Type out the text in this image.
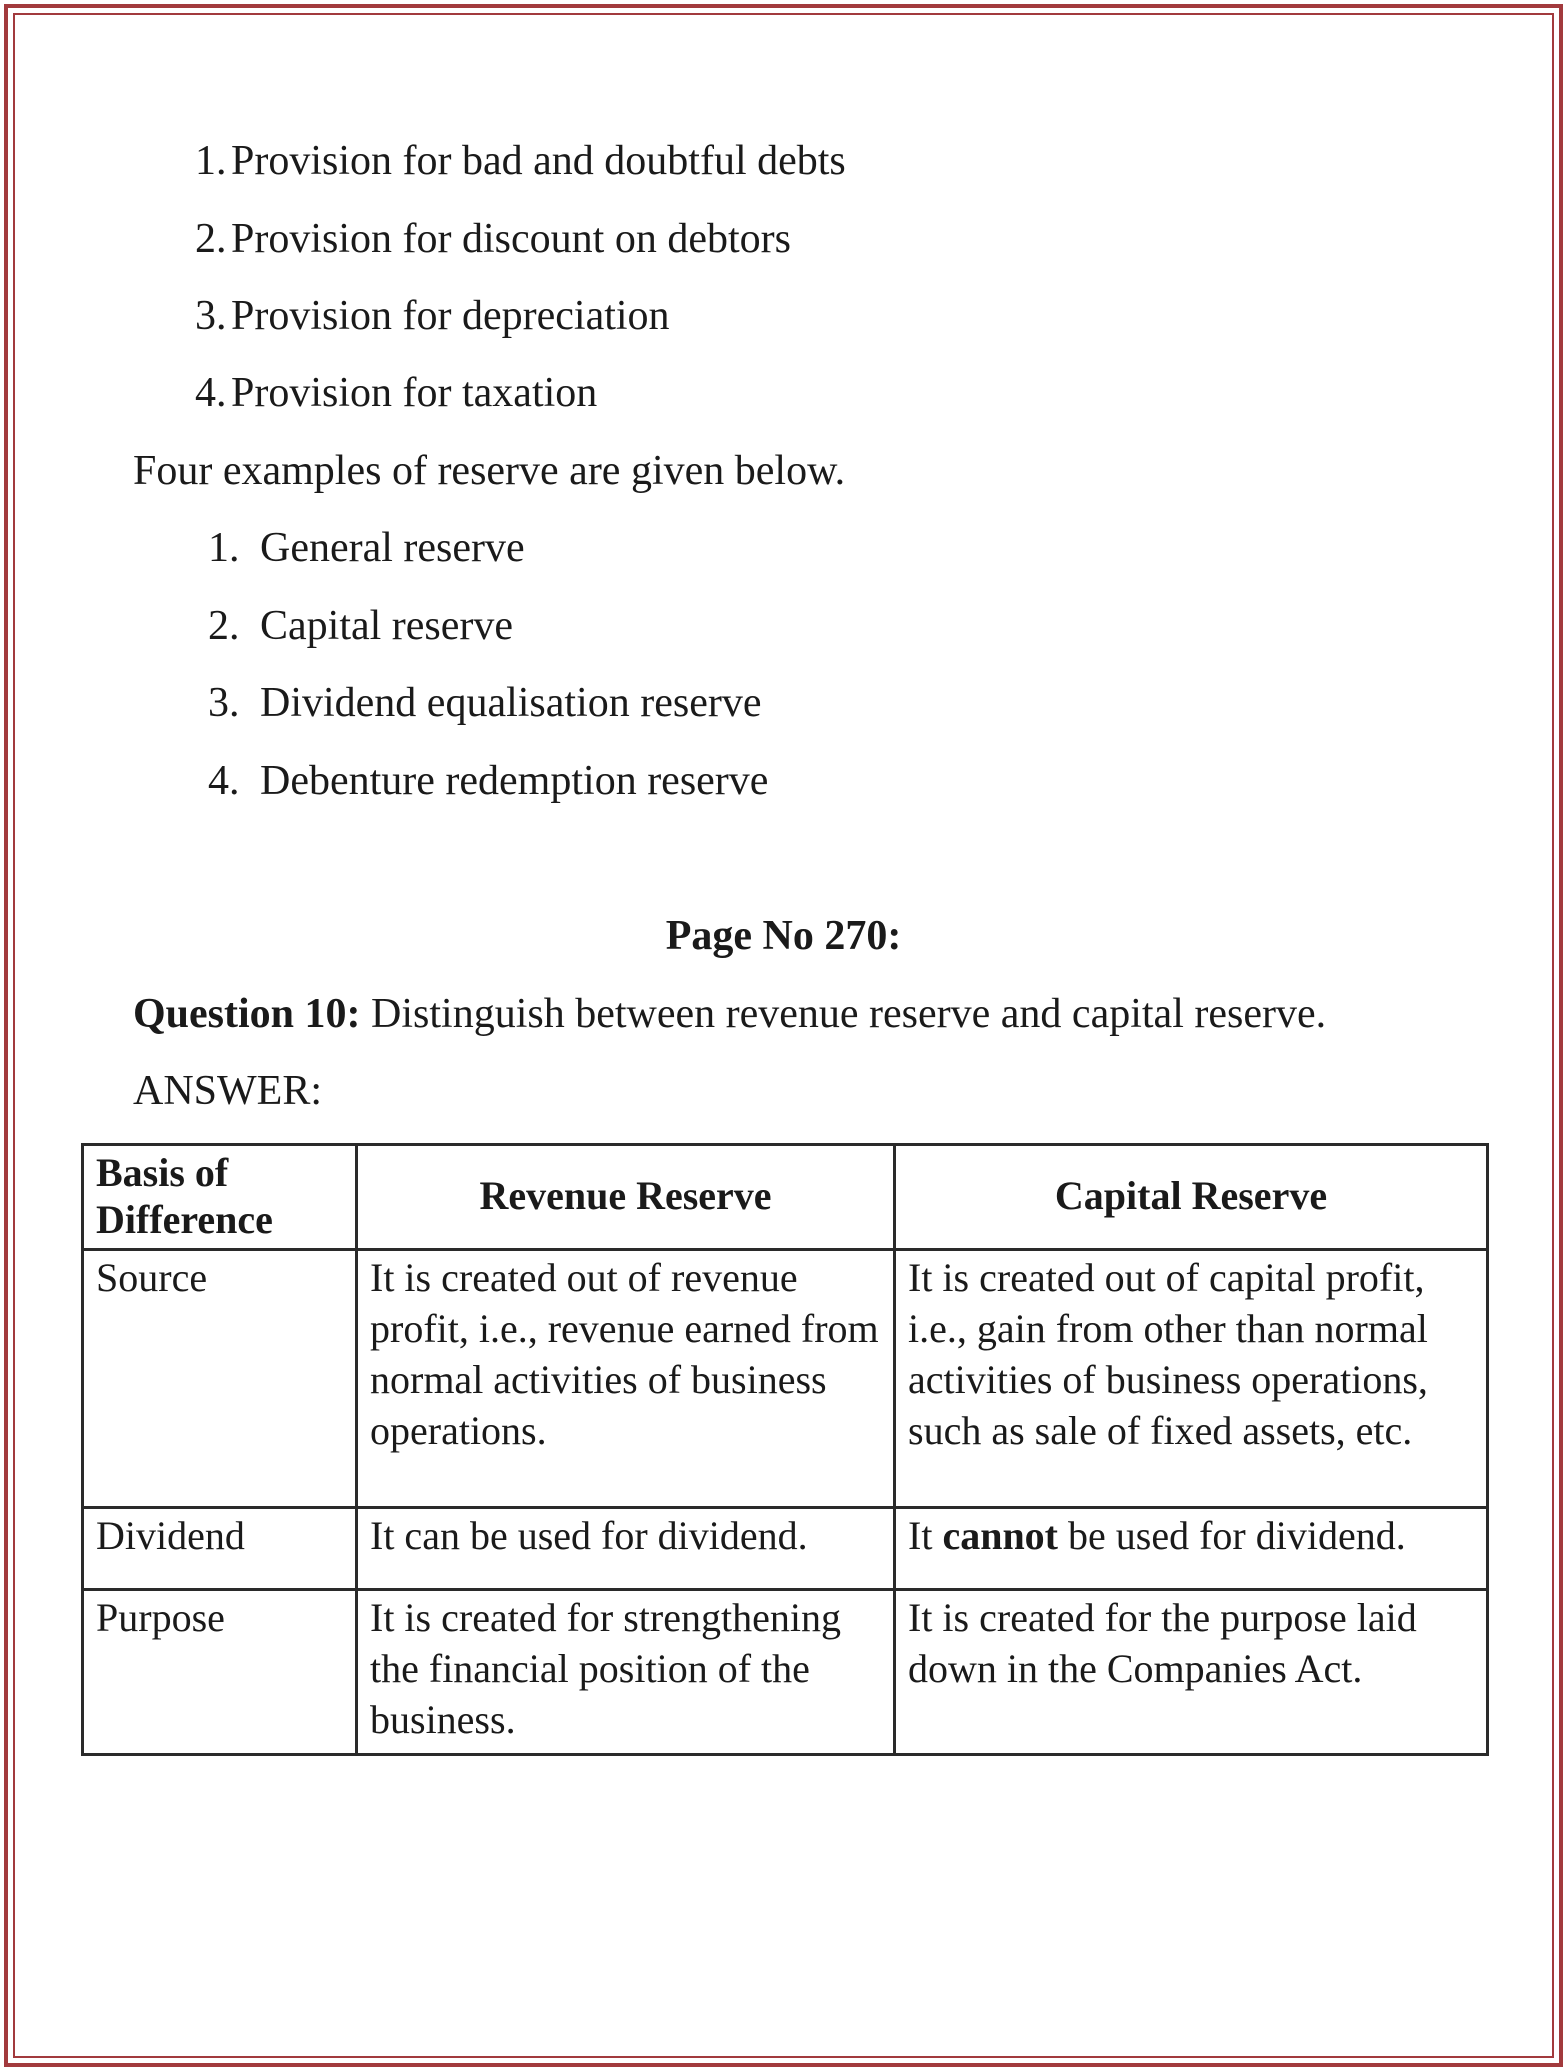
1. Provision for bad and doubtful debts
2. Provision for discount on debtors
3. Provision for depreciation
4. Provision for taxation
Four examples of reserve are given below.
1. General reserve
2. Capital reserve
3. Dividend equalisation reserve
4. Debenture redemption reserve
Page No 270:
Question 10: Distinguish between revenue reserve and capital reserve.
ANSWER:
Basis of Difference	Revenue Reserve	Capital Reserve
Source	It is created out of revenue profit, i.e., revenue earned from normal activities of business operations.	It is created out of capital profit, i.e., gain from other than normal activities of business operations, such as sale of fixed assets, etc.
Dividend	It can be used for dividend.	It cannot be used for dividend.
Purpose	It is created for strengthening the financial position of the business.	It is created for the purpose laid down in the Companies Act.
